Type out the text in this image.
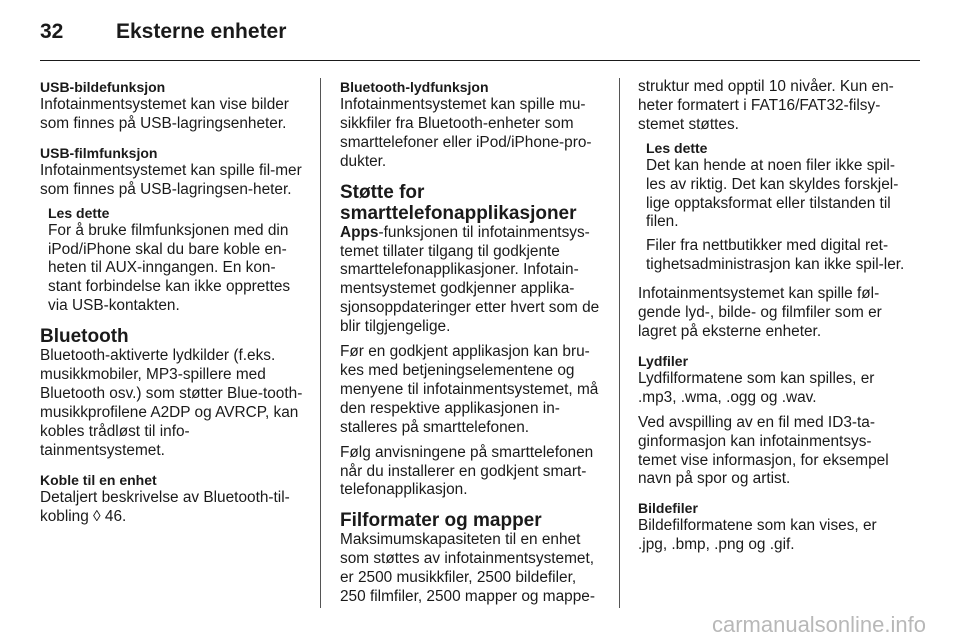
32	Eksterne enheter
USB-bildefunksjon

Infotainmentsystemet kan vise bilder som finnes på USB-lagringsenheter.

USB-filmfunksjon

Infotainmentsystemet kan spille fil-mer som finnes på USB-lagringsen-heter.

Les dette

For å bruke filmfunksjonen med din iPod/iPhone skal du bare koble en-heten til AUX-inngangen. En kon-stant forbindelse kan ikke opprettes via USB-kontakten.

Bluetooth

Bluetooth-aktiverte lydkilder (f.eks. musikkmobiler, MP3-spillere med Bluetooth osv.) som støtter Blue-tooth-musikkprofilene A2DP og AVRCP, kan kobles trådløst til info-tainmentsystemet.

Koble til en enhet

Detaljert beskrivelse av Bluetooth-til-kobling ◊ 46.

Bluetooth-lydfunksjon

Infotainmentsystemet kan spille mu-sikkfiler fra Bluetooth-enheter som smarttelefoner eller iPod/iPhone-pro-dukter.

Støtte for smarttelefonapplikasjoner

Apps-funksjonen til infotainmentsys-temet tillater tilgang til godkjente smarttelefonapplikasjoner. Infotain-mentsystemet godkjenner applika-sjonsoppdateringer etter hvert som de blir tilgjengelige.

Før en godkjent applikasjon kan bru-kes med betjeningselementene og menyene til infotainmentsystemet, må den respektive applikasjonen in-stalleres på smarttelefonen.

Følg anvisningene på smarttelefonen når du installerer en godkjent smart-telefonapplikasjon.

Filformater og mapper

Maksimumskapasiteten til en enhet som støttes av infotainmentsystemet, er 2500 musikkfiler, 2500 bildefiler, 250 filmfiler, 2500 mapper og mappe-

struktur med opptil 10 nivåer. Kun en-heter formatert i FAT16/FAT32-filsy-stemet støttes.

Les dette

Det kan hende at noen filer ikke spil-les av riktig. Det kan skyldes forskjel-lige opptaksformat eller tilstanden til filen.

Filer fra nettbutikker med digital ret-tighetsadministrasjon kan ikke spil-ler.

Infotainmentsystemet kan spille føl-gende lyd-, bilde- og filmfiler som er lagret på eksterne enheter.

Lydfiler

Lydfilformatene som kan spilles, er .mp3, .wma, .ogg og .wav.

Ved avspilling av en fil med ID3-ta-ginformasjon kan infotainmentsys-temet vise informasjon, for eksempel navn på spor og artist.

Bildefiler

Bildefilformatene som kan vises, er .jpg, .bmp, .png og .gif.

carmanualsonline.info
